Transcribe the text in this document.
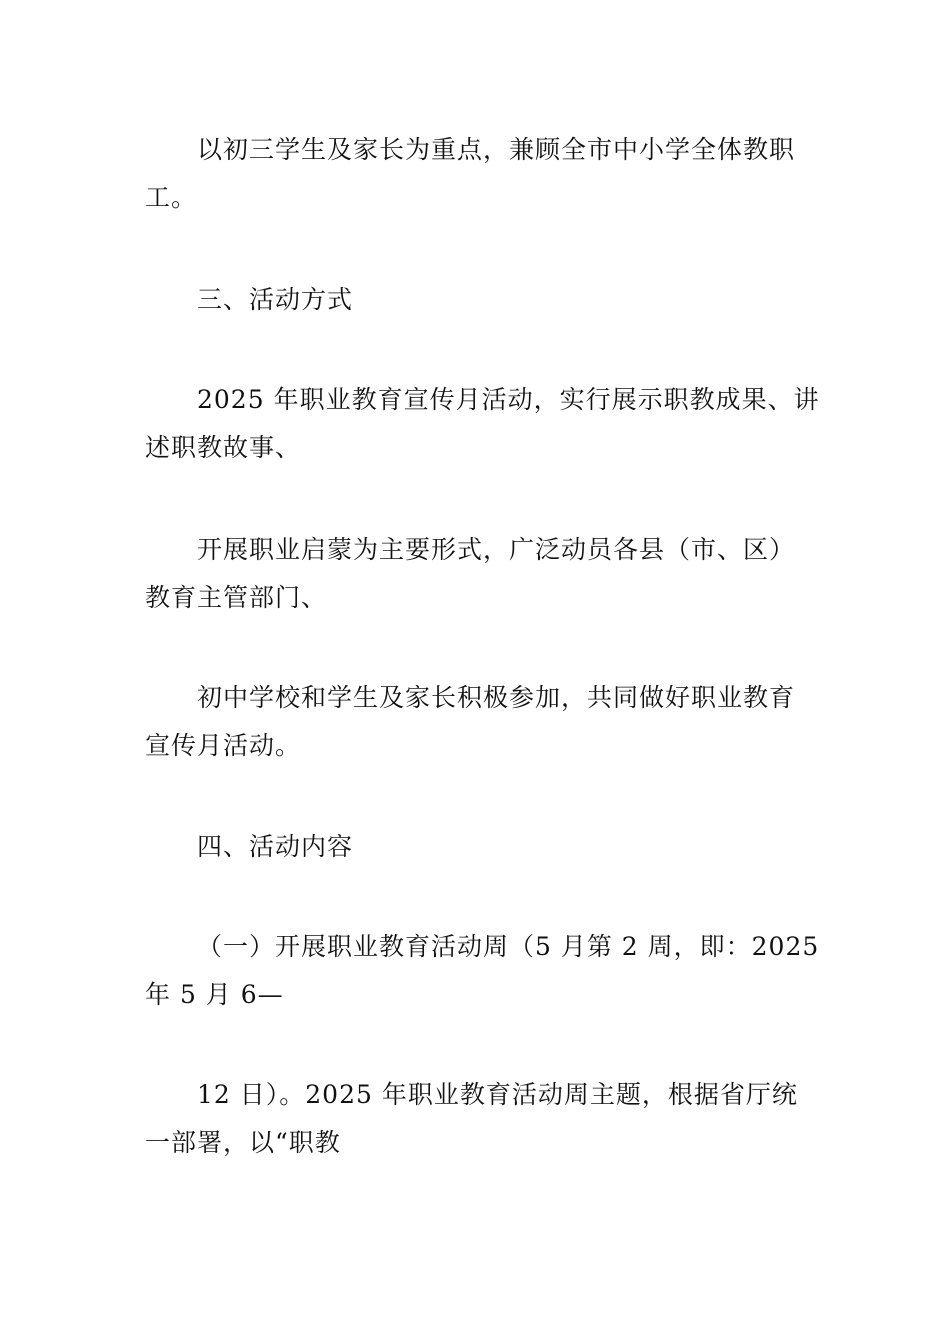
以初三学生及家长为重点，兼顾全市中小学全体教职
工。

三、活动方式

2025 年职业教育宣传月活动，实行展示职教成果、讲
述职教故事、

开展职业启蒙为主要形式，广泛动员各县（市、区）
教育主管部门、

初中学校和学生及家长积极参加，共同做好职业教育
宣传月活动。

四、活动内容

（一）开展职业教育活动周（5 月第 2 周，即：2025
年 5 月 6—

12 日）。2025 年职业教育活动周主题，根据省厅统
一部署，以“职教
